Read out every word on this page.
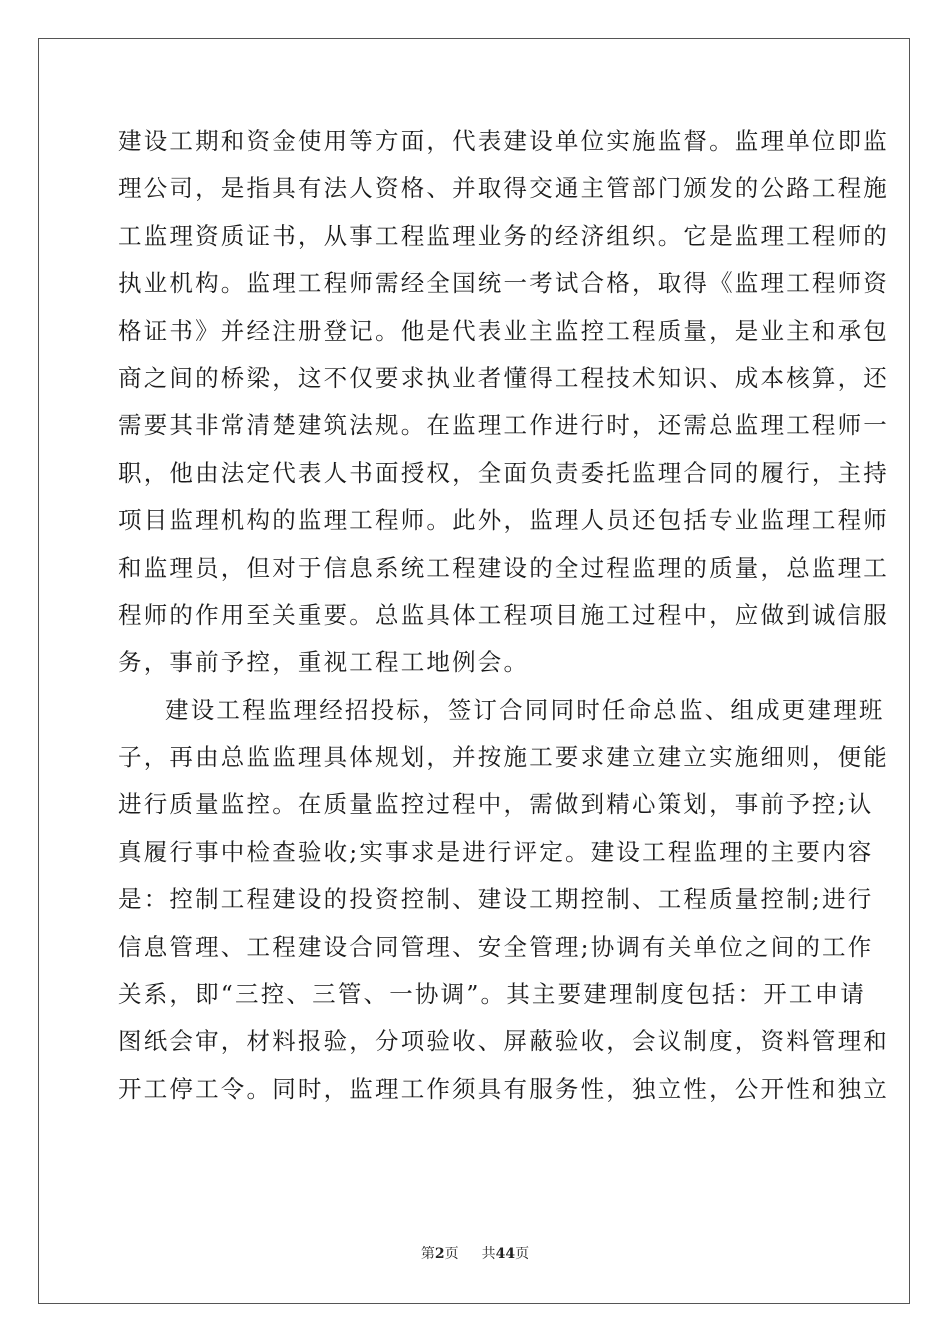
建设工期和资金使用等方面，代表建设单位实施监督。监理单位即监
理公司，是指具有法人资格、并取得交通主管部门颁发的公路工程施
工监理资质证书，从事工程监理业务的经济组织。它是监理工程师的
执业机构。监理工程师需经全国统一考试合格，取得《监理工程师资
格证书》并经注册登记。他是代表业主监控工程质量，是业主和承包
商之间的桥梁，这不仅要求执业者懂得工程技术知识、成本核算，还
需要其非常清楚建筑法规。在监理工作进行时，还需总监理工程师一
职，他由法定代表人书面授权，全面负责委托监理合同的履行，主持
项目监理机构的监理工程师。此外，监理人员还包括专业监理工程师
和监理员，但对于信息系统工程建设的全过程监理的质量，总监理工
程师的作用至关重要。总监具体工程项目施工过程中，应做到诚信服
务，事前予控，重视工程工地例会。
建设工程监理经招投标，签订合同同时任命总监、组成更建理班
子，再由总监监理具体规划，并按施工要求建立建立实施细则，便能
进行质量监控。在质量监控过程中，需做到精心策划，事前予控;认
真履行事中检查验收;实事求是进行评定。建设工程监理的主要内容
是：控制工程建设的投资控制、建设工期控制、工程质量控制;进行
信息管理、工程建设合同管理、安全管理;协调有关单位之间的工作
关系，即“三控、三管、一协调”。其主要建理制度包括：开工申请
图纸会审，材料报验，分项验收、屏蔽验收，会议制度，资料管理和
开工停工令。同时，监理工作须具有服务性，独立性，公开性和独立
第2页 共44页
